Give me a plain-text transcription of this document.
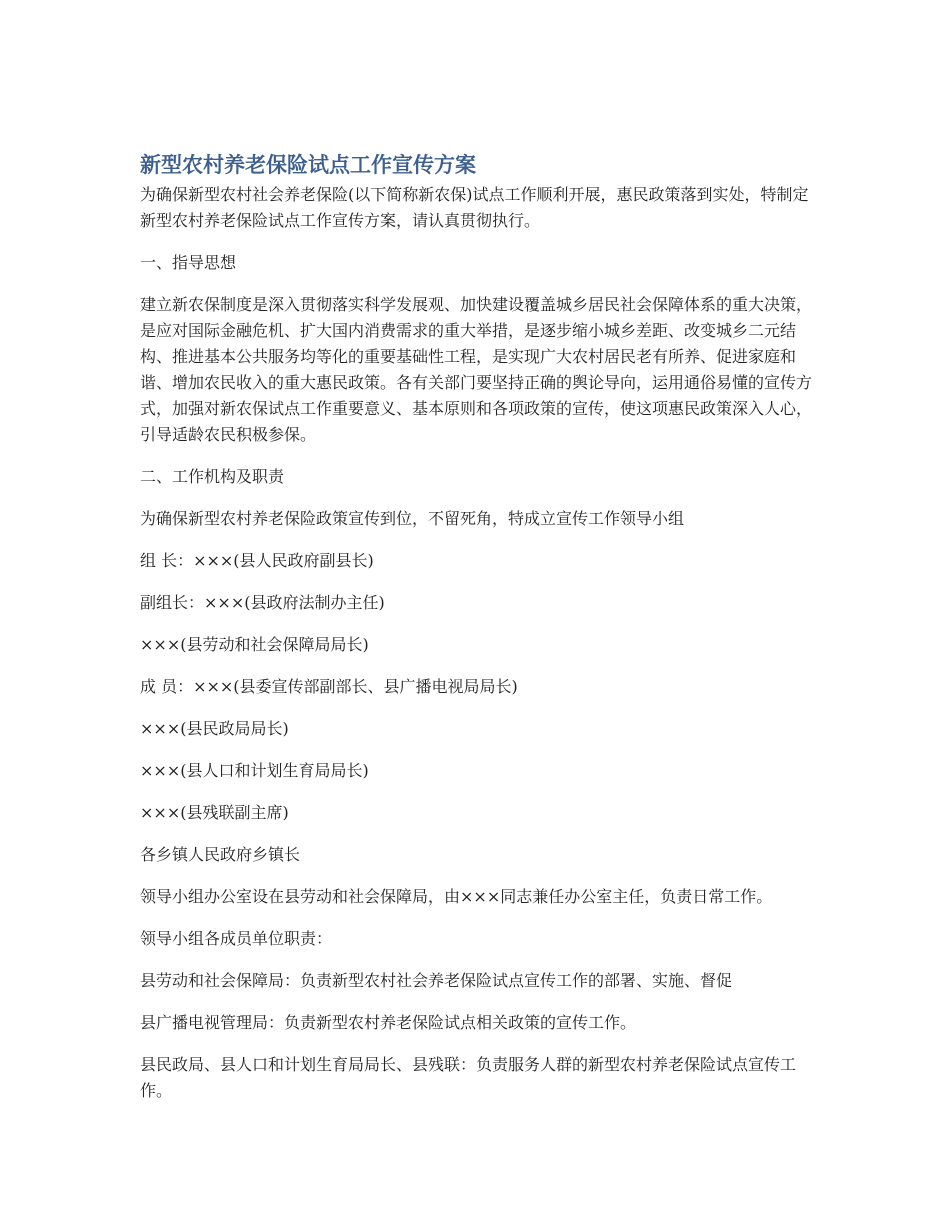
新型农村养老保险试点工作宣传方案
为确保新型农村社会养老保险(以下简称新农保)试点工作顺利开展，惠民政策落到实处，特制定新型农村养老保险试点工作宣传方案，请认真贯彻执行。
一、指导思想
建立新农保制度是深入贯彻落实科学发展观、加快建设覆盖城乡居民社会保障体系的重大决策，是应对国际金融危机、扩大国内消费需求的重大举措，是逐步缩小城乡差距、改变城乡二元结构、推进基本公共服务均等化的重要基础性工程，是实现广大农村居民老有所养、促进家庭和谐、增加农民收入的重大惠民政策。各有关部门要坚持正确的舆论导向，运用通俗易懂的宣传方式，加强对新农保试点工作重要意义、基本原则和各项政策的宣传，使这项惠民政策深入人心，引导适龄农民积极参保。
二、工作机构及职责
为确保新型农村养老保险政策宣传到位，不留死角，特成立宣传工作领导小组
组 长：×××(县人民政府副县长)
副组长：×××(县政府法制办主任)
×××(县劳动和社会保障局局长)
成 员：×××(县委宣传部副部长、县广播电视局局长)
×××(县民政局局长)
×××(县人口和计划生育局局长)
×××(县残联副主席)
各乡镇人民政府乡镇长
领导小组办公室设在县劳动和社会保障局，由×××同志兼任办公室主任，负责日常工作。
领导小组各成员单位职责：
县劳动和社会保障局：负责新型农村社会养老保险试点宣传工作的部署、实施、督促
县广播电视管理局：负责新型农村养老保险试点相关政策的宣传工作。
县民政局、县人口和计划生育局局长、县残联：负责服务人群的新型农村养老保险试点宣传工作。
